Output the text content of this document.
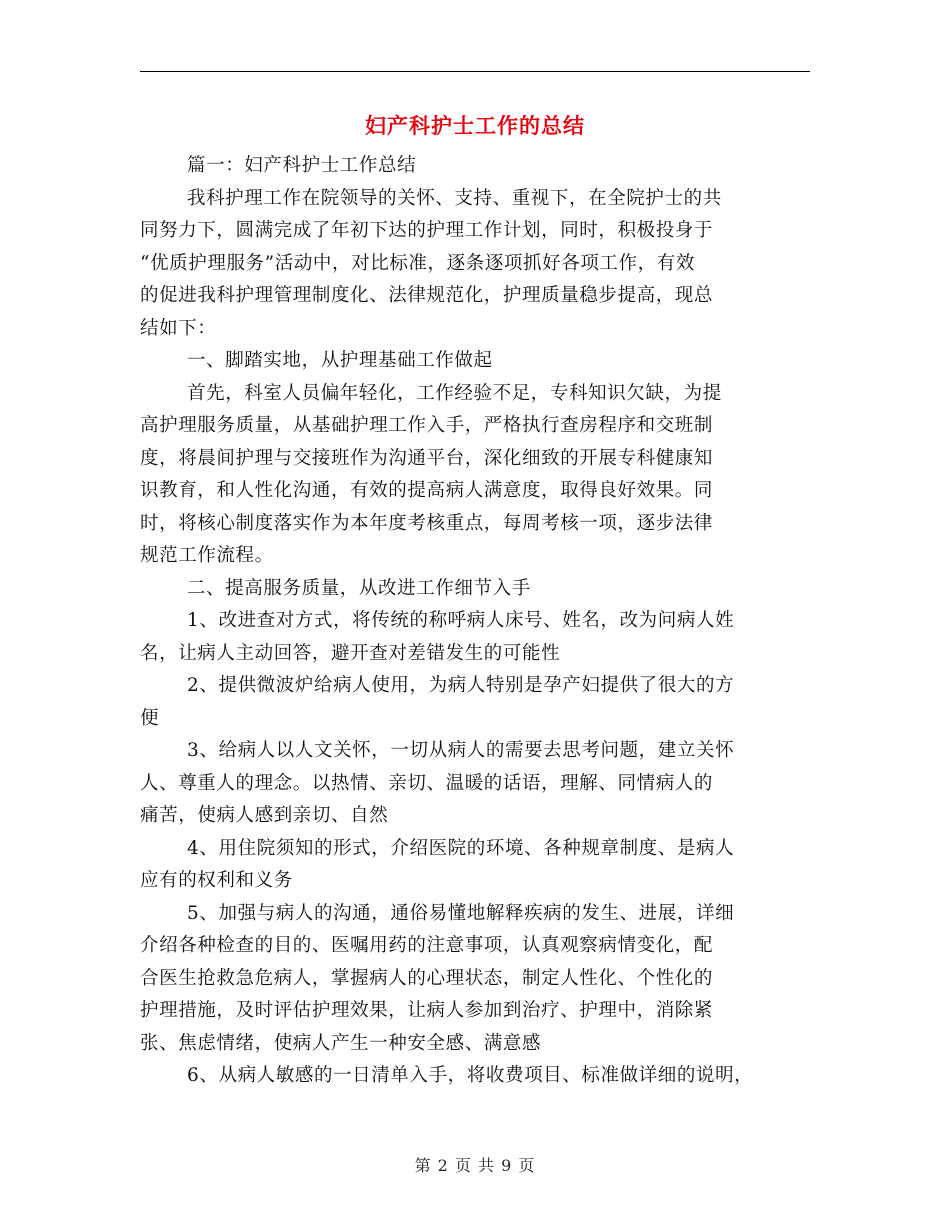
妇产科护士工作的总结
篇一：妇产科护士工作总结
我科护理工作在院领导的关怀、支持、重视下，在全院护士的共
同努力下，圆满完成了年初下达的护理工作计划，同时，积极投身于
“优质护理服务”活动中，对比标准，逐条逐项抓好各项工作，有效
的促进我科护理管理制度化、法律规范化，护理质量稳步提高，现总
结如下：
一、脚踏实地，从护理基础工作做起
首先，科室人员偏年轻化，工作经验不足，专科知识欠缺，为提
高护理服务质量，从基础护理工作入手，严格执行查房程序和交班制
度，将晨间护理与交接班作为沟通平台，深化细致的开展专科健康知
识教育，和人性化沟通，有效的提高病人满意度，取得良好效果。同
时，将核心制度落实作为本年度考核重点，每周考核一项，逐步法律
规范工作流程。
二、提高服务质量，从改进工作细节入手
1、改进查对方式，将传统的称呼病人床号、姓名，改为问病人姓
名，让病人主动回答，避开查对差错发生的可能性
2、提供微波炉给病人使用，为病人特别是孕产妇提供了很大的方
便
3、给病人以人文关怀，一切从病人的需要去思考问题，建立关怀
人、尊重人的理念。以热情、亲切、温暖的话语，理解、同情病人的
痛苦，使病人感到亲切、自然
4、用住院须知的形式，介绍医院的环境、各种规章制度、是病人
应有的权利和义务
5、加强与病人的沟通，通俗易懂地解释疾病的发生、进展，详细
介绍各种检查的目的、医嘱用药的注意事项，认真观察病情变化，配
合医生抢救急危病人，掌握病人的心理状态，制定人性化、个性化的
护理措施，及时评估护理效果，让病人参加到治疗、护理中，消除紧
张、焦虑情绪，使病人产生一种安全感、满意感
6、从病人敏感的一日清单入手，将收费项目、标准做详细的说明，
第 2 页 共 9 页
